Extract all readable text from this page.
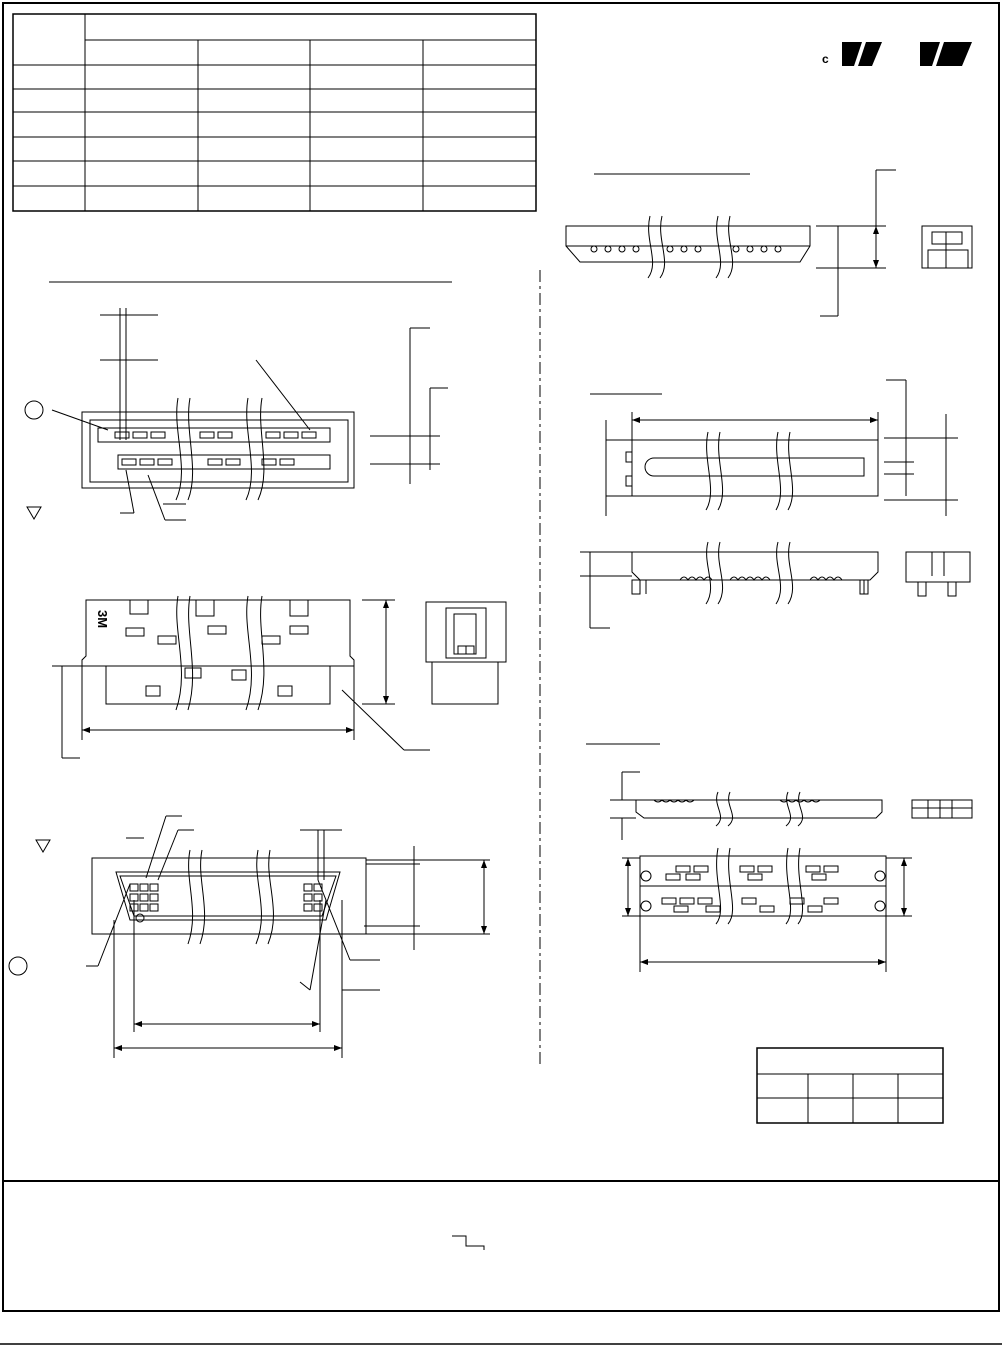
c
3M
